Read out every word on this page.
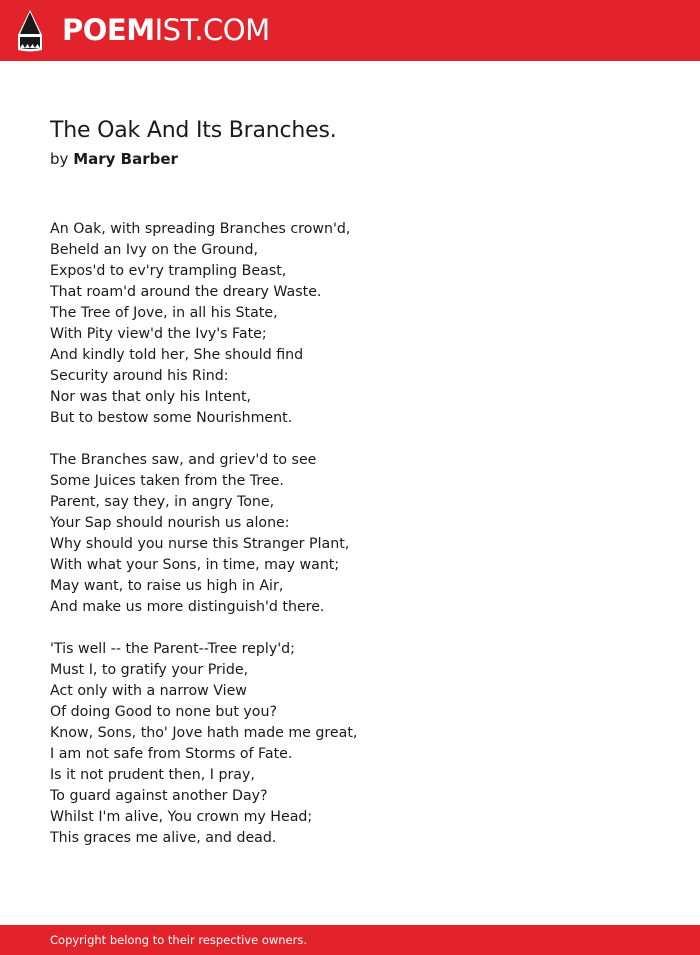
POEMIST.COM
The Oak And Its Branches.
by Mary Barber
An Oak, with spreading Branches crown'd,
Beheld an Ivy on the Ground,
Expos'd to ev'ry trampling Beast,
That roam'd around the dreary Waste.
The Tree of Jove, in all his State,
With Pity view'd the Ivy's Fate;
And kindly told her, She should find
Security around his Rind:
Nor was that only his Intent,
But to bestow some Nourishment.
The Branches saw, and griev'd to see
Some Juices taken from the Tree.
Parent, say they, in angry Tone,
Your Sap should nourish us alone:
Why should you nurse this Stranger Plant,
With what your Sons, in time, may want;
May want, to raise us high in Air,
And make us more distinguish'd there.
'Tis well -- the Parent--Tree reply'd;
Must I, to gratify your Pride,
Act only with a narrow View
Of doing Good to none but you?
Know, Sons, tho' Jove hath made me great,
I am not safe from Storms of Fate.
Is it not prudent then, I pray,
To guard against another Day?
Whilst I'm alive, You crown my Head;
This graces me alive, and dead.
Copyright belong to their respective owners.
